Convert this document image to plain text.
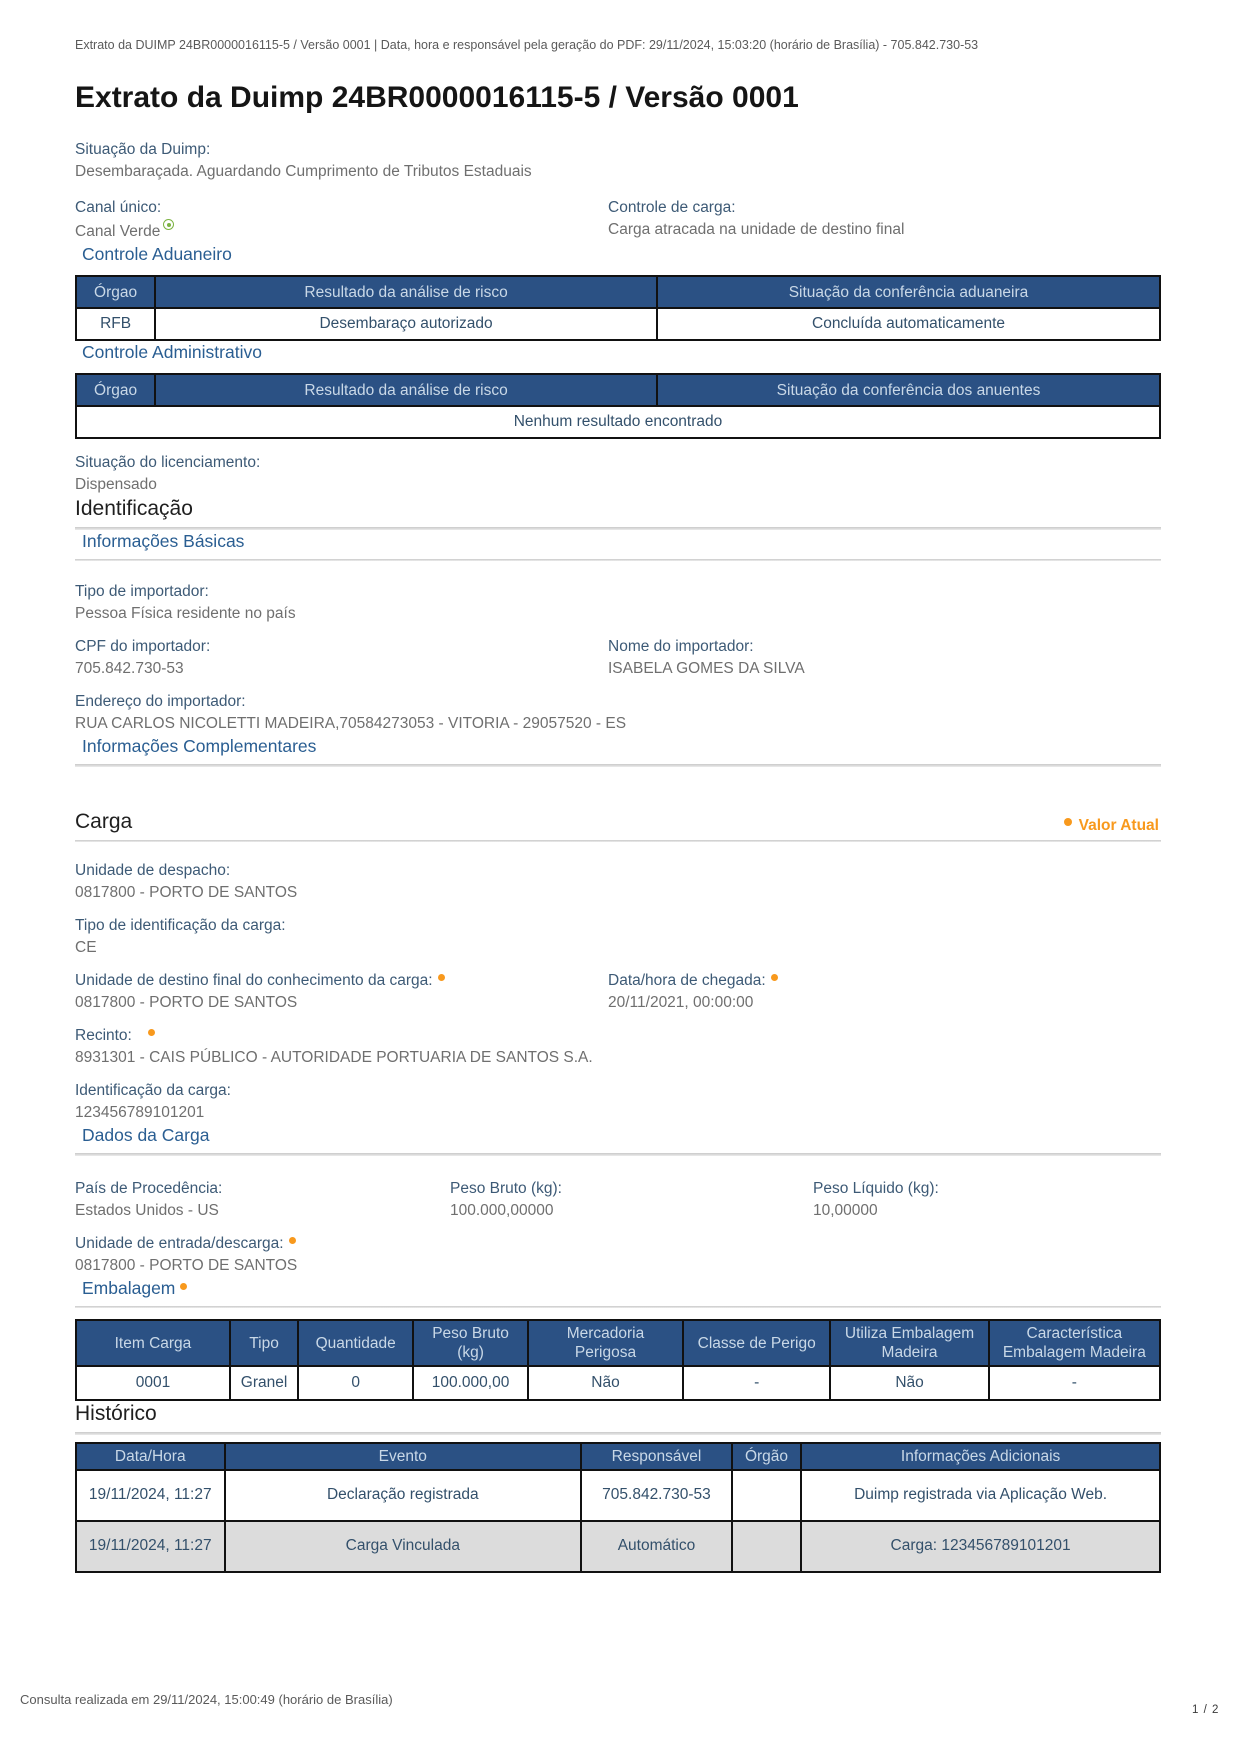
Extrato da DUIMP 24BR0000016115-5 / Versão 0001 | Data, hora e responsável pela geração do PDF: 29/11/2024, 15:03:20 (horário de Brasília) - 705.842.730-53
Extrato da Duimp 24BR0000016115-5 / Versão 0001
Situação da Duimp:
Desembaraçada. Aguardando Cumprimento de Tributos Estaduais
Canal único:
Canal Verde
Controle de carga:
Carga atracada na unidade de destino final
Controle Aduaneiro
Órgao	Resultado da análise de risco	Situação da conferência aduaneira
RFB	Desembaraço autorizado	Concluída automaticamente
Controle Administrativo
Órgao	Resultado da análise de risco	Situação da conferência dos anuentes
Nenhum resultado encontrado
Situação do licenciamento:
Dispensado
Identificação
Informações Básicas
Tipo de importador:
Pessoa Física residente no país
CPF do importador:
705.842.730-53
Nome do importador:
ISABELA GOMES DA SILVA
Endereço do importador:
RUA CARLOS NICOLETTI MADEIRA,70584273053 - VITORIA - 29057520 - ES
Informações Complementares
Carga	Valor Atual
Unidade de despacho:
0817800 - PORTO DE SANTOS
Tipo de identificação da carga:
CE
Unidade de destino final do conhecimento da carga:
0817800 - PORTO DE SANTOS
Data/hora de chegada:
20/11/2021, 00:00:00
Recinto:
8931301 - CAIS PÚBLICO - AUTORIDADE PORTUARIA DE SANTOS S.A.
Identificação da carga:
123456789101201
Dados da Carga
País de Procedência:
Estados Unidos - US
Peso Bruto (kg):
100.000,00000
Peso Líquido (kg):
10,00000
Unidade de entrada/descarga:
0817800 - PORTO DE SANTOS
Embalagem
Item Carga	Tipo	Quantidade	Peso Bruto (kg)	Mercadoria Perigosa	Classe de Perigo	Utiliza Embalagem Madeira	Característica Embalagem Madeira
0001	Granel	0	100.000,00	Não	-	Não	-
Histórico
Data/Hora	Evento	Responsável	Órgão	Informações Adicionais
19/11/2024, 11:27	Declaração registrada	705.842.730-53		Duimp registrada via Aplicação Web.
19/11/2024, 11:27	Carga Vinculada	Automático		Carga: 123456789101201
Consulta realizada em 29/11/2024, 15:00:49 (horário de Brasília)
1 / 2
